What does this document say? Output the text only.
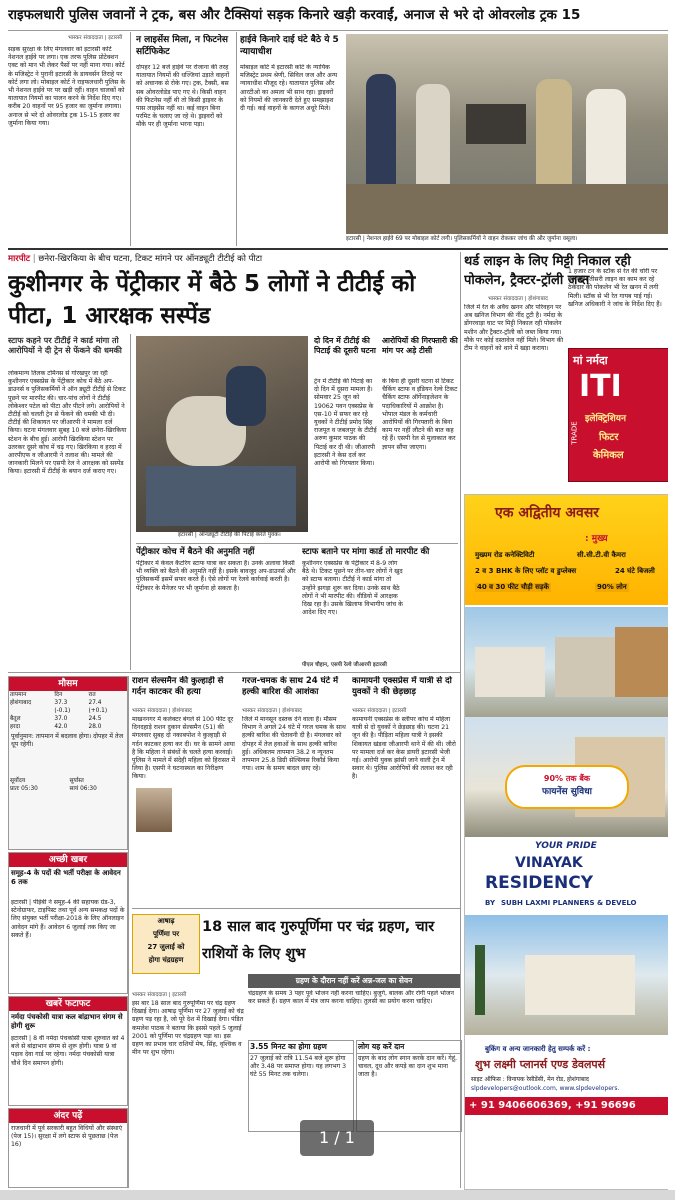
राइफलधारी पुलिस जवानों ने ट्रक, बस और टैक्सियां सड़क किनारे खड़ी करवाईं, अनाज से भरे दो ओवरलोड ट्रक 15
भास्कर संवाददाता | इटारसी
सड़क सुरक्षा के लिए मंगलवार को इटारसी कोर्ट नेशनल हाईवे पर लगा। एक तरफ पुलिस प्रोटेक्शन एक्ट को मान भी लेकर पैसों पर नहीं माना गया। कोर्ट के मजिस्ट्रेट ने पुरानी इटारसी के डायवर्सन तिराहे पर कोर्ट लगा लो। मोबाइल कोर्ट ने राइफलधारी पुलिस के भी नेशनल हाईवे पर पर खड़ी रहीं। वाहन चालकों को यातायात नियमों का पालन करने के निर्देश दिए गए। करीब 20 वाहनों पर 95 हजार का जुर्माना लगाया। अनाज से भरे दो ओवरलोड ट्रक 15-15 हजार का जुर्माना किया गया।
न लाइसेंस मिला, न फिटनेस सर्टिफिकेट
दोपहर 12 बजे हाईवे पर रोजाना की तरह यातायात नियमों की धज्जियां उड़ाते वाहनों को अचानक से रोके गए। ट्रक, टैक्सी, बस सब ओवरलोडेड पाए गए थे। किसी वाहन की फिटनेस नहीं थी तो किसी ड्राइवर के पास लाइसेंस नहीं था। कई वाहन बिना परमिट के चलाए जा रहे थे। ड्राइवरों को मौके पर ही जुर्माना भरना पड़ा।
हाईवे किनारे दाई घंटे बैठे ये 5 न्यायाधीश
मोबाइल कोर्ट में इटारसी कोर्ट के न्यायिक मजिस्ट्रेट प्रथम श्रेणी, सिविल जज और अन्य न्यायाधीश मौजूद रहे। यातायात पुलिस और आरटीओ का अमला भी साथ रहा। ड्राइवरों को नियमों की जानकारी देते हुए समझाइश दी गई। कई वाहनों के कागज अधूरे मिले।
इटारसी | नेशनल हाईवे 69 पर मोबाइल कोर्ट लगी। पुलिसकर्मियों ने वाहन रोककर जांच की और जुर्माना वसूला।
मारपीट | छनेरा-खिरकिया के बीच घटना, टिकट मांगने पर ऑनड्यूटी टीटीई को पीटा
कुशीनगर के पेंट्रीकार में बैठे 5 लोगों ने टीटीई को पीटा, 1 आरक्षक सस्पेंड
स्टाफ कहने पर टीटीई ने कार्ड मांगा तो आरोपियों ने दी ट्रेन से फेंकने की धमकी
लोकमान्य तिलक टर्मिनस से गोरखपुर जा रही कुशीनगर एक्सप्रेस के पेंट्रीकार कोच में बैठे अप-डाउनर्स व पुलिसकर्मियों ने ऑन ड्यूटी टीटीई से टिकट पूछने पर मारपीट की। चार-पांच लोगों ने टीटीई लोकेश्वर पटेल को पीटा और पीटने लगे। आरोपियों ने टीटीई को चलती ट्रेन से फेंकने की धमकी भी दी। टीटीई की शिकायत पर जीआरपी ने मामला दर्ज किया। घटना मंगलवार सुबह 10 बजे छनेरा-खिरकिया स्टेशन के बीच हुई। आरोपी खिरकिया स्टेशन पर उतरकर दूसरे कोच में चढ़ गए। खिरकिया व हरदा में आरपीएफ व जीआरपी ने तलाश की। मामले की जानकारी मिलने पर एसपी रेल ने आरक्षक को सस्पेंड किया। इटारसी में टीटीई के बयान दर्ज कराए गए।
इटारसी | ऑनड्यूटी टीटीई की पिटाई करते युवक।
दो दिन में टीटीई की पिटाई की दूसरी घटना
ट्रेन में टीटीई की पिटाई का दो दिन में दूसरा मामला है। सोमवार 25 जून को 19062 पवन एक्सप्रेस के एस-10 में सफर कर रहे युवकों ने टीटीई प्रमोद सिंह राजपूत व जबलपुर के टीटीई अरुण कुमार पाठक की पिटाई कर दी थी। जीआरपी इटारसी ने केस दर्ज कर आरोपी को गिरफ्तार किया।
आरोपियों की गिरफ्तारी की मांग पर अड़े टीसी
के बिना ही दूसरी घटना से टिकट चैकिंग स्टाफ व इंडियन रेल्वे टिकट चैकिंग स्टाफ ऑर्गेनाइजेशन के पदाधिकारियों में आक्रोश है। भोपाल मंडल के कर्मचारी आरोपियों की गिरफ्तारी के बिना काम पर नहीं लौटने की बात कह रहे हैं। एसपी रेल से मुलाकात कर ज्ञापन सौंपा जाएगा।
पेंट्रीकार कोच में बैठने की अनुमति नहीं
पेंट्रीकार में केवल कैटरिंग स्टाफ यात्रा कर सकता है। उनके अलावा किसी भी व्यक्ति को बैठने की अनुमति नहीं है। इसके बावजूद अप-डाउनर्स और पुलिसकर्मी इसमें सफर करते हैं। ऐसे लोगों पर रेलवे कार्रवाई करती है। पेंट्रीकार के मैनेजर पर भी जुर्माना हो सकता है।
स्टाफ बताने पर मांगा कार्ड तो मारपीट की
कुशीनगर एक्सप्रेस के पेंट्रीकार में 8-9 लोग बैठे थे। टिकट पूछने पर तीन-चार लोगों ने खुद को स्टाफ बताया। टीटीई ने कार्ड मांगा तो उन्होंने झगड़ा शुरू कर दिया। उनके साथ बैठे लोगों ने भी मारपीट की। वीडियो में आरक्षक दिख रहा है। उसके खिलाफ विभागीय जांच के आदेश दिए गए।
पीएल चौहान, एसपी रेल्वे जीआरपी इटारसी
थर्ड लाइन के लिए मिट्टी निकाल रही पोकलेन, ट्रैक्टर-ट्रॉली जब्त
भास्कर संवाददाता | होशंगाबाद
जिले में रेत के अवैध खनन और परिवहन पर अब खनिज विभाग की नींद टूटी है। नर्मदा के डोंगरवाड़ा घाट पर मिट्टी निकाल रही पोकलेन मशीन और ट्रैक्टर-ट्रॉली को जब्त किया गया। मौके पर कोई दस्तावेज नहीं मिले। विभाग की टीम ने वाहनों को थाने में खड़ा कराया।
1 हजार टन के स्टॉक से रेत की चोरी पर कार्रवाई। तीसरी लाइन का काम कर रहे ठेकेदार की पोकलेन भी रेत खनन में लगी मिली। स्टॉक से भी रेत गायब पाई गई। खनिज अधिकारी ने जांच के निर्देश दिए हैं।
मां नर्मदा
ITI
TRADE
इलेक्ट्रिशियन
फिटर
केमिकल
एक अद्वितीय अवसर
: मुख्य
मुख्यम रोड कनेक्टिविटी	सी.सी.टी.वी कैमरा
2 व 3 BHK के लिए प्लॉट व डुप्लेक्स	24 घंटे बिजली
40 व 30 फीट चौड़ी सड़कें	90% लोन
90% तक बैंक
फायनेंस सुविधा
YOUR PRIDE
VINAYAK
RESIDENCY
BY SUBH LAXMI PLANNERS & DEVELO
बुकिंग व अन्य जानकारी हेतु सम्पर्क करें :
शुभ लक्ष्मी प्लानर्स एण्ड डेवलपर्स
साइट ऑफिस : विनायक रेसीडेंसी, मेन रोड, होशंगाबाद
slpdevelopers@outlook.com, www.slpdevelopers.
+ 91 9406606369, +91 96696
मौसम
तापमान	दिन	रात
होशंगाबाद	37.3	27.4
	(-0.1)	(+0.1)
बैतूल	37.0	24.5
हरदा	42.0	28.0
पूर्वानुमान: तापमान में बदलाव होगा। दोपहर में तेज धूप रहेगी।
सूर्योदय	सूर्यास्त
प्रातः 05:30	सायं 06:30
अच्छी खबर
समूह-4 के पदों की भर्ती परीक्षा के आवेदन 6 तक
इटारसी | पीईबी ने समूह-4 की सहायक ग्रेड-3, स्टेनोग्राफर, टाइपिस्ट तथा पूर्व अन्य समकक्ष पदों के लिए संयुक्त भर्ती परीक्षा-2018 के लिए ऑनलाइन आवेदन मांगे हैं। आवेदन 6 जुलाई तक किए जा सकते हैं।
खबरें फटाफट
नर्मदा पंचकोसी यात्रा कल बांद्राभान संगम से होगी शुरू
इटारसी | 8 वीं नर्मदा पंचकोसी यात्रा शुरुवात को 4 बजे से बांद्राभान संगम से शुरू होगी। यात्रा 9 वां पड़ाव देवा गार्ड पर रहेगा। नर्मदा पंचकोसी यात्रा चौथे दिन समापन होगी।
अंदर पढ़ें
राजधानी में पूर्व सरकारी बहुत विधियों और संस्थाएं (पेज 15)। सुरक्षा में लगे स्टाफ से पूछताछ (पेज 16)
राशन सेल्समैन की कुल्हाड़ी से गर्दन काटकर की हत्या
भास्कर संवाददाता | होशंगाबाद
माखननगर में कलेक्टर बंगले से 100 फीट दूर दिनदहाड़े राशन दुकान सेल्समैन (51) की मंगलवार सुबह दो नकाबपोश ने कुल्हाड़ी से गर्दन काटकर हत्या कर दी। घर के सामने आया है कि महिला ने संबंधों के चलते हत्या करवाई। पुलिस ने मामले में संदेही महिला को हिरासत में लिया है। एसपी ने घटनास्थल का निरीक्षण किया।
गरज-चमक के साथ 24 घंटे में हल्की बारिश की आशंका
भास्कर संवाददाता | होशंगाबाद
जिले में मानसून दस्तक देने वाला है। मौसम विभाग ने अगले 24 घंटे में गरज चमक के साथ हल्की बारिश की चेतावनी दी है। मंगलवार को दोपहर में तेज हवाओं के साथ हल्की बारिश हुई। अधिकतम तापमान 38.2 व न्यूनतम तापमान 25.8 डिग्री सेल्सियस रिकॉर्ड किया गया। शाम के समय बादल छाए रहे।
कामायनी एक्सप्रेस में यात्री से दो युवकों ने की छेड़छाड़
भास्कर संवाददाता | इटारसी
कामायनी एक्सप्रेस के स्लीपर कोच में महिला यात्री से दो युवकों ने छेड़छाड़ की। घटना 21 जून की है। पीड़िता महिला यात्री ने इसकी शिकायत खंडवा जीआरपी थाने में की थी। जीरो पर मामला दर्ज कर केस डायरी इटारसी भेजी गई। आरोपी युवक झांसी जाने वाली ट्रेन में सवार थे। पुलिस आरोपियों की तलाश कर रही है।
आषाढ़
पूर्णिमा पर
27 जुलाई को
होगा चंद्रग्रहण
18 साल बाद गुरुपूर्णिमा पर चंद्र ग्रहण, चार राशियों के लिए शुभ
भास्कर संवाददाता | इटारसी
इस बार 18 साल बाद गुरुपूर्णिमा पर चंद्र ग्रहण दिखाई देगा। आषाढ़ पूर्णिमा पर 27 जुलाई को चंद्र ग्रहण पड़ रहा है, जो पूरे देश में दिखाई देगा। पंडित कमलेश पाठक ने बताया कि इससे पहले 5 जुलाई 2001 को पूर्णिमा पर चंद्रग्रहण पड़ा था। इस ग्रहण का प्रभाव चार राशियों मेष, सिंह, वृश्चिक व मीन पर शुभ रहेगा।
ग्रहण के दौरान नहीं करें अन्न-जल का सेवन
चंद्रग्रहण के समय 3 पहर पूर्व भोजन नहीं करना चाहिए। बुजुर्ग, बालक और रोगी पहले भोजन कर सकते हैं। ग्रहण काल में मंत्र जाप करना चाहिए। तुलसी का प्रयोग करना चाहिए।
3.55 मिनट का होगा ग्रहण
27 जुलाई को रात्रि 11.54 बजे शुरू होगा और 3.48 पर समाप्त होगा। यह लगभग 3 घंटे 55 मिनट तक चलेगा।
लोग यह करें दान
ग्रहण के बाद लोग स्नान करके दान करें। गेहूं, चावल, दूध और कपड़े का दान शुभ माना जाता है।
1 / 1
